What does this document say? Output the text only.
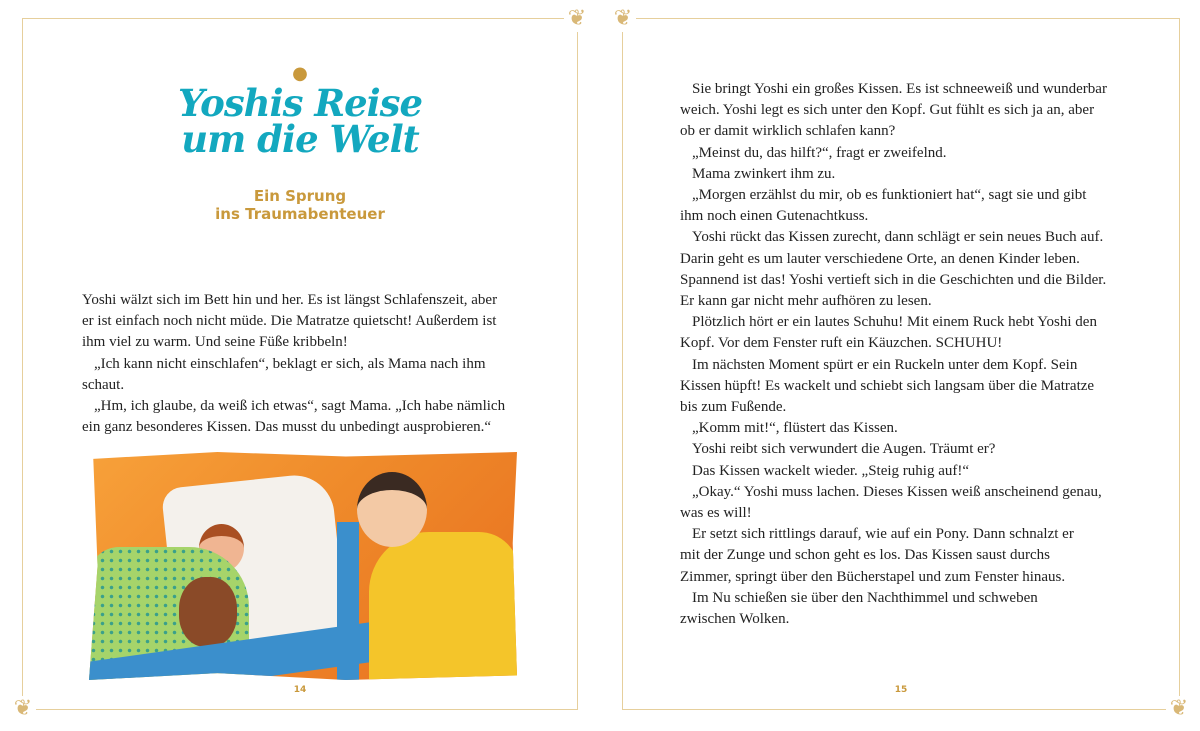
❦
❦
●
Yoshis Reise
um die Welt
Ein Sprung
ins Traumabenteuer
Yoshi wälzt sich im Bett hin und her. Es ist längst Schlafenszeit, aber
er ist einfach noch nicht müde. Die Matratze quietscht! Außerdem ist
ihm viel zu warm. Und seine Füße kribbeln!
„Ich kann nicht einschlafen“, beklagt er sich, als Mama nach ihm
schaut.
„Hm, ich glaube, da weiß ich etwas“, sagt Mama. „Ich habe nämlich
ein ganz besonderes Kissen. Das musst du unbedingt ausprobieren.“
14
❦
❦
Sie bringt Yoshi ein großes Kissen. Es ist schneeweiß und wunderbar
weich. Yoshi legt es sich unter den Kopf. Gut fühlt es sich ja an, aber
ob er damit wirklich schlafen kann?
„Meinst du, das hilft?“, fragt er zweifelnd.
Mama zwinkert ihm zu.
„Morgen erzählst du mir, ob es funktioniert hat“, sagt sie und gibt
ihm noch einen Gutenachtkuss.
Yoshi rückt das Kissen zurecht, dann schlägt er sein neues Buch auf.
Darin geht es um lauter verschiedene Orte, an denen Kinder leben.
Spannend ist das! Yoshi vertieft sich in die Geschichten und die Bilder.
Er kann gar nicht mehr aufhören zu lesen.
Plötzlich hört er ein lautes Schuhu! Mit einem Ruck hebt Yoshi den
Kopf. Vor dem Fenster ruft ein Käuzchen. SCHUHU!
Im nächsten Moment spürt er ein Ruckeln unter dem Kopf. Sein
Kissen hüpft! Es wackelt und schiebt sich langsam über die Matratze
bis zum Fußende.
„Komm mit!“, flüstert das Kissen.
Yoshi reibt sich verwundert die Augen. Träumt er?
Das Kissen wackelt wieder. „Steig ruhig auf!“
„Okay.“ Yoshi muss lachen. Dieses Kissen weiß anscheinend genau,
was es will!
Er setzt sich rittlings darauf, wie auf ein Pony. Dann schnalzt er
mit der Zunge und schon geht es los. Das Kissen saust durchs
Zimmer, springt über den Bücherstapel und zum Fenster hinaus.
Im Nu schießen sie über den Nachthimmel und schweben
zwischen Wolken.
15
